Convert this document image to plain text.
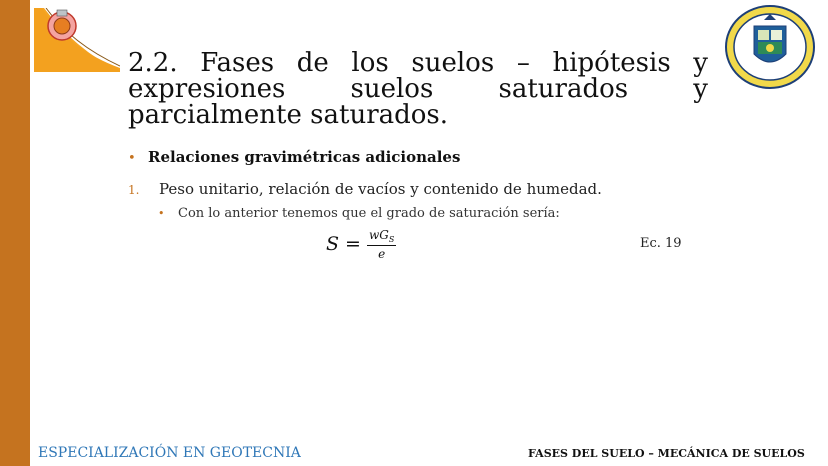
2.2. Fases de los suelos – hipótesis y expresiones suelos saturados y parcialmente saturados.
• Relaciones gravimétricas adicionales
1. Peso unitario, relación de vacíos y contenido de humedad.
• Con lo anterior tenemos que el grado de saturación sería:
$S = \frac{wG_S}{e}$	Ec. 19
ESPECIALIZACIÓN EN GEOTECNIA	FASES DEL SUELO – MECÁNICA DE SUELOS
